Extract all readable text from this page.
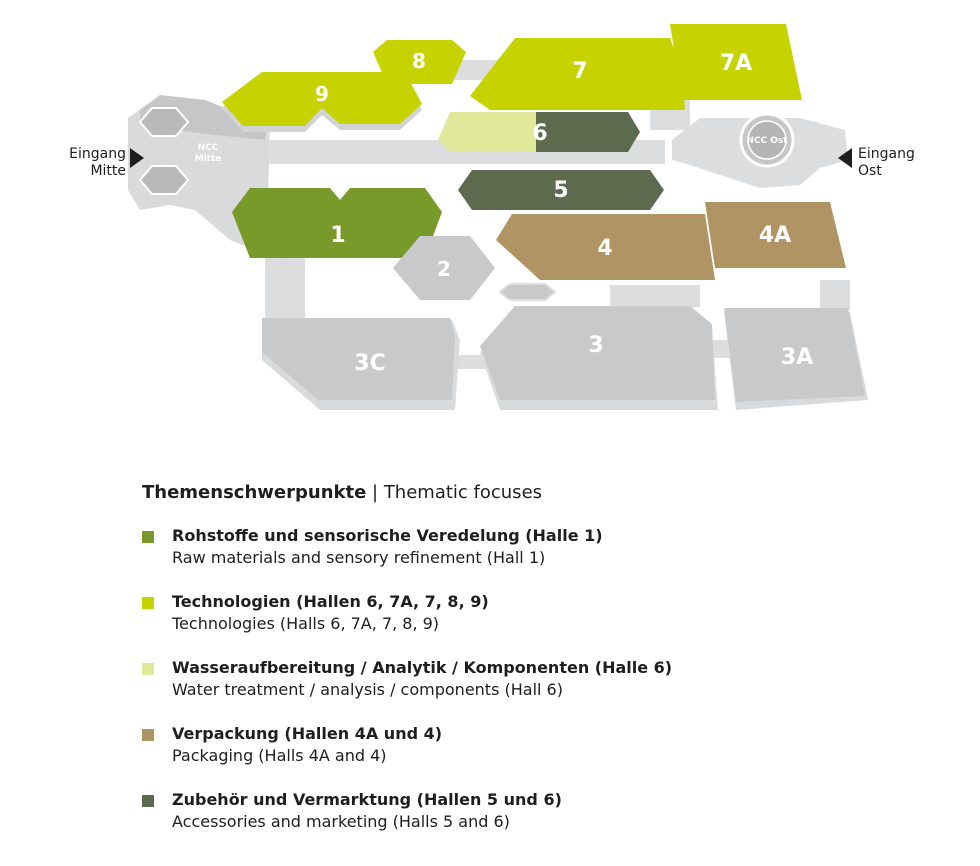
NCC
Mitte
NCC Ost
9
8	7	7A
6
5
1
4
4A
2
3C
3	3A
Eingang
Mitte
Eingang
Ost
Themenschwerpunkte | Thematic focuses
Rohstoffe und sensorische Veredelung (Halle 1)
Raw materials and sensory refinement (Hall 1)
Technologien (Hallen 6, 7A, 7, 8, 9)
Technologies (Halls 6, 7A, 7, 8, 9)
Wasseraufbereitung / Analytik / Komponenten (Halle 6)
Water treatment / analysis / components (Hall 6)
Verpackung (Hallen 4A und 4)
Packaging (Halls 4A and 4)
Zubehör und Vermarktung (Hallen 5 und 6)
Accessories and marketing (Halls 5 and 6)
